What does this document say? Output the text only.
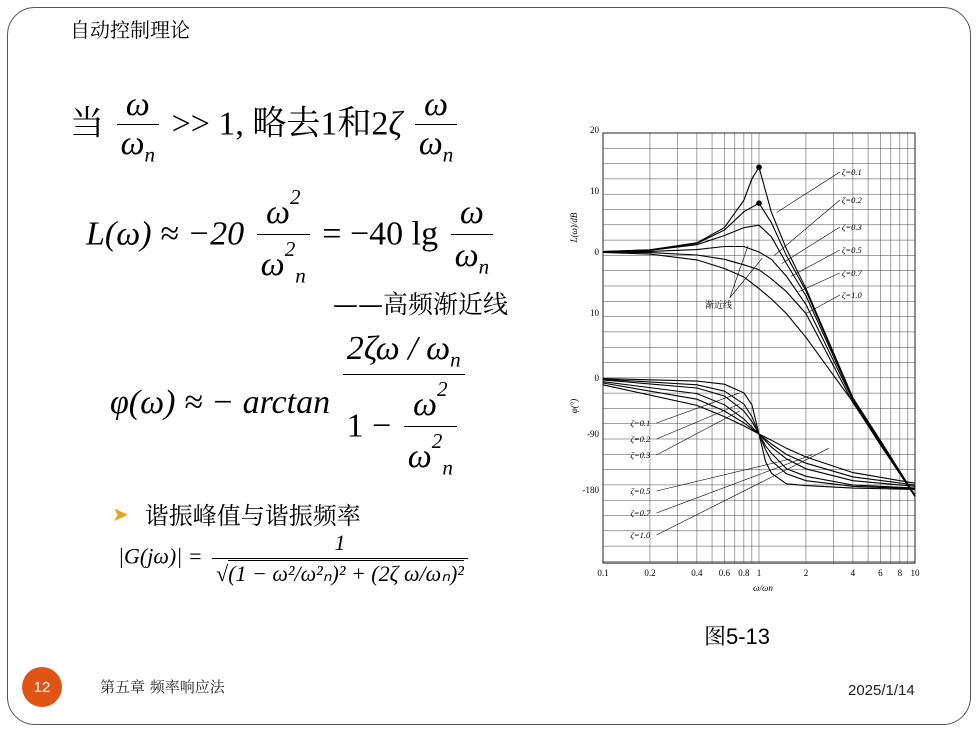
自动控制理论
当 $\frac{\omega}{\omega_n} >> 1$, 略去1和$2\zeta \frac{\omega}{\omega_n}$
$L(\omega) \approx -20 \frac{\omega^2}{\omega^2_n} = -40$ $\lg \frac{\omega}{\omega_n}$
——高频渐近线
φ(ω) ≈ − $\arctan \frac{2\zeta\omega / \omega_n}{1 - \frac{\omega^2}{\omega^2_n}}$
➤ 谐振峰值与谐振频率
$|G(j\omega)| = \frac{1}{\text{√(1 − ω²/ω²ₙ)² + (2ζ ω/ωₙ)²}}$	0.1	0.2	0.4 0.6 0.8 1	2	4	6 8 10
ω/ωn
20
10
0
10
0
-90
-180
L(ω)/dB
φ(°)
ζ=0.1
ζ=0.2
ζ=0.3
ζ=0.5
ζ=0.7
ζ=1.0
ζ=0.1
ζ=0.2
ζ=0.3
ζ=0.5
ζ=0.7
ζ=1.0
渐近线
图5-13
12	第五章 频率响应法	2025/1/14
